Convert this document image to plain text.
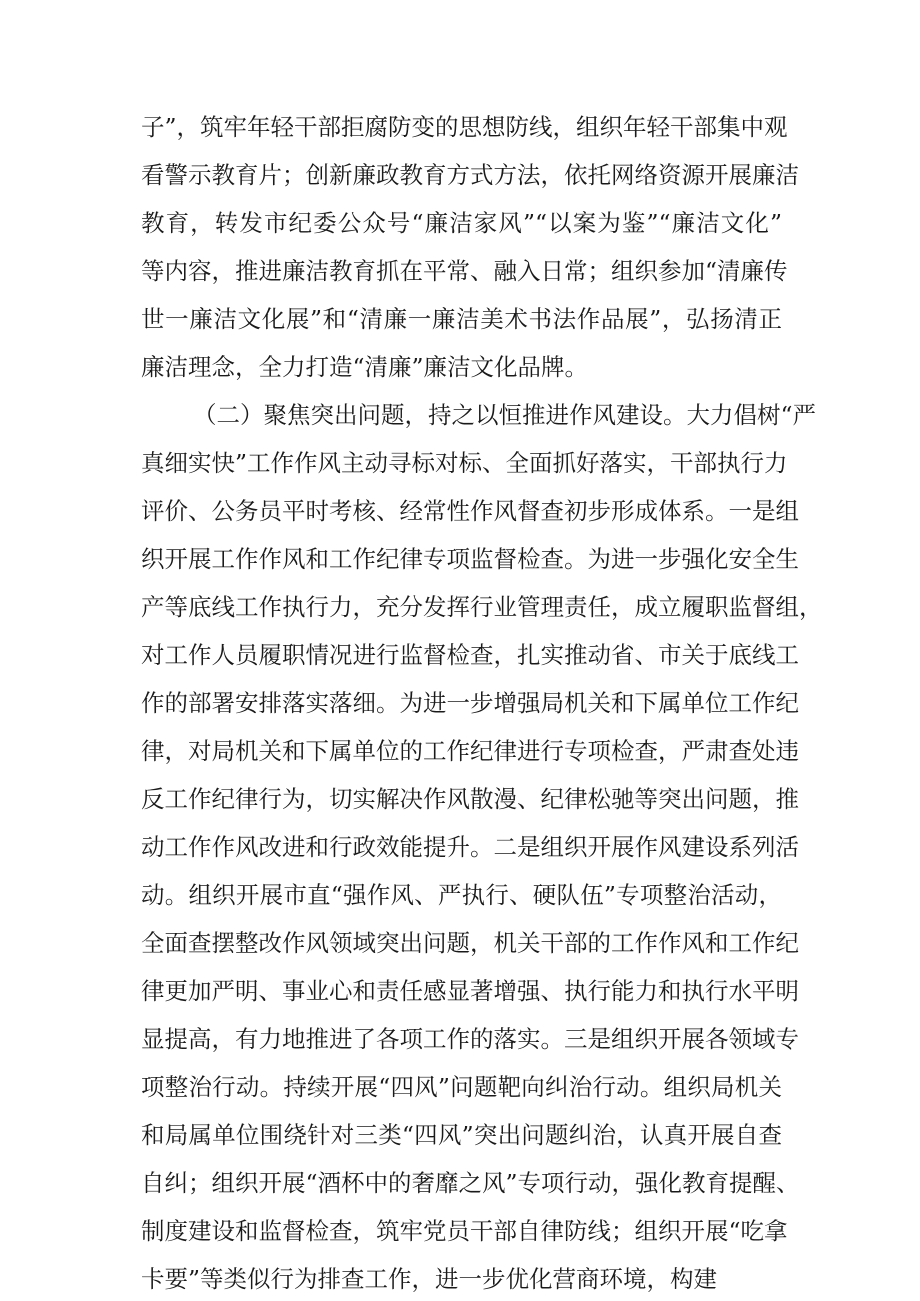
子”，筑牢年轻干部拒腐防变的思想防线，组织年轻干部集中观
看警示教育片；创新廉政教育方式方法，依托网络资源开展廉洁
教育，转发市纪委公众号“廉洁家风”“以案为鉴”“廉洁文化”
等内容，推进廉洁教育抓在平常、融入日常；组织参加“清廉传
世一廉洁文化展”和“清廉一廉洁美术书法作品展”，弘扬清正
廉洁理念，全力打造“清廉”廉洁文化品牌。
（二）聚焦突出问题，持之以恒推进作风建设。大力倡树“严
真细实快”工作作风主动寻标对标、全面抓好落实，干部执行力
评价、公务员平时考核、经常性作风督查初步形成体系。一是组
织开展工作作风和工作纪律专项监督检查。为进一步强化安全生
产等底线工作执行力，充分发挥行业管理责任，成立履职监督组，
对工作人员履职情况进行监督检查，扎实推动省、市关于底线工
作的部署安排落实落细。为进一步增强局机关和下属单位工作纪
律，对局机关和下属单位的工作纪律进行专项检查，严肃查处违
反工作纪律行为，切实解决作风散漫、纪律松驰等突出问题，推
动工作作风改进和行政效能提升。二是组织开展作风建设系列活
动。组织开展市直“强作风、严执行、硬队伍”专项整治活动，
全面查摆整改作风领域突出问题，机关干部的工作作风和工作纪
律更加严明、事业心和责任感显著增强、执行能力和执行水平明
显提高，有力地推进了各项工作的落实。三是组织开展各领域专
项整治行动。持续开展“四风”问题靶向纠治行动。组织局机关
和局属单位围绕针对三类“四风”突出问题纠治，认真开展自查
自纠；组织开展“酒杯中的奢靡之风”专项行动，强化教育提醒、
制度建设和监督检查，筑牢党员干部自律防线；组织开展“吃拿
卡要”等类似行为排查工作，进一步优化营商环境，构建
